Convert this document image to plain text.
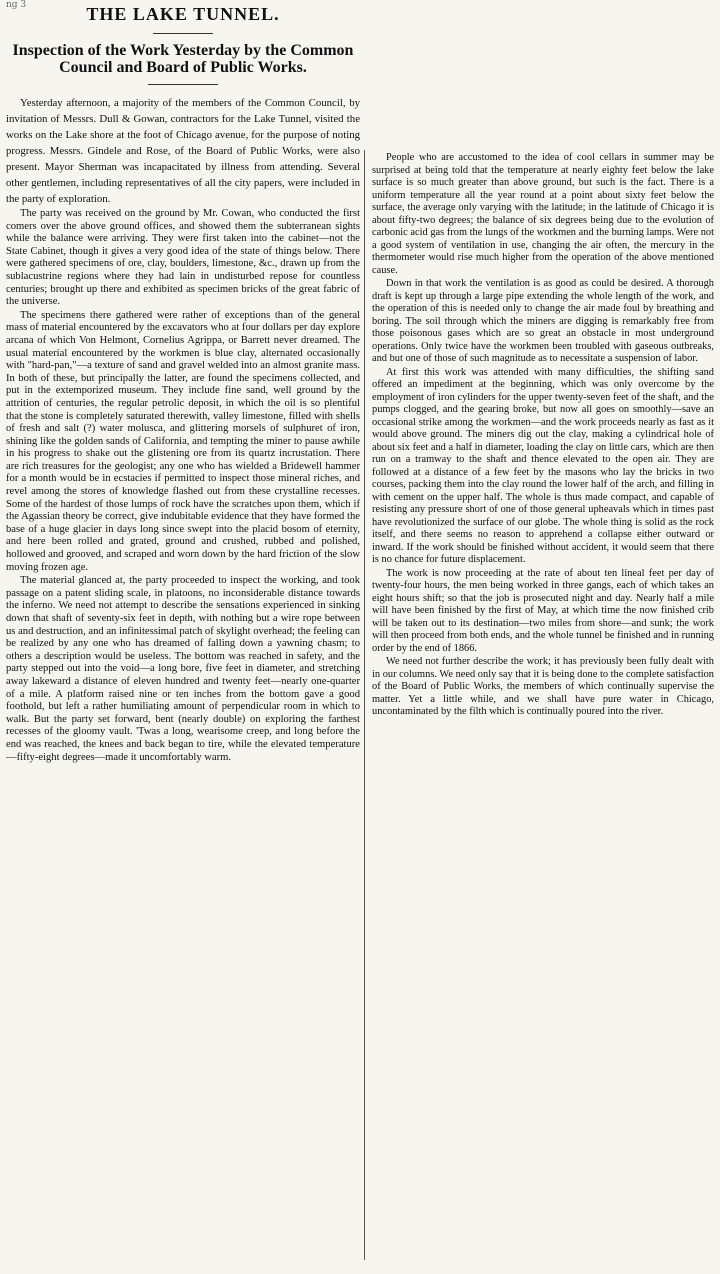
ng 3	THE LAKE TUNNEL.
Inspection of the Work Yesterday by the Common Council and Board of Public Works.

Yesterday afternoon, a majority of the members of the Common Council, by invitation of Messrs. Dull & Gowan, contractors for the Lake Tunnel, visited the works on the Lake shore at the foot of Chicago avenue, for the purpose of noting progress. Messrs. Gindele and Rose, of the Board of Public Works, were also present. Mayor Sherman was incapacitated by illness from attending. Several other gentlemen, including representatives of all the city papers, were included in the party of exploration.

The party was received on the ground by Mr. Cowan, who conducted the first comers over the above ground offices, and showed them the subterranean sights while the balance were arriving. They were first taken into the cabinet—not the State Cabinet, though it gives a very good idea of the state of things below. There were gathered specimens of ore, clay, boulders, limestone, &c., drawn up from the sublacustrine regions where they had lain in undisturbed repose for countless centuries; brought up there and exhibited as specimen bricks of the great fabric of the universe.

The specimens there gathered were rather of exceptions than of the general mass of material encountered by the excavators who at four dollars per day explore arcana of which Von Helmont, Cornelius Agrippa, or Barrett never dreamed. The usual material encountered by the workmen is blue clay, alternated occasionally with "hard-pan,"—a texture of sand and gravel welded into an almost granite mass. In both of these, but principally the latter, are found the specimens collected, and put in the extemporized museum. They include fine sand, well ground by the attrition of centuries, the regular petrolic deposit, in which the oil is so plentiful that the stone is completely saturated therewith, valley limestone, filled with shells of fresh and salt (?) water molusca, and glittering morsels of sulphuret of iron, shining like the golden sands of California, and tempting the miner to pause awhile in his progress to shake out the glistening ore from its quartz incrustation. There are rich treasures for the geologist; any one who has wielded a Bridewell hammer for a month would be in ecstacies if permitted to inspect those mineral riches, and revel among the stores of knowledge flashed out from these crystalline recesses. Some of the hardest of those lumps of rock have the scratches upon them, which if the Agassian theory be correct, give indubitable evidence that they have formed the base of a huge glacier in days long since swept into the placid bosom of eternity, and here been rolled and grated, ground and crushed, rubbed and polished, hollowed and grooved, and scraped and worn down by the hard friction of the slow moving frozen age.

The material glanced at, the party proceeded to inspect the working, and took passage on a patent sliding scale, in platoons, no inconsiderable distance towards the inferno. We need not attempt to describe the sensations experienced in sinking down that shaft of seventy-six feet in depth, with nothing but a wire rope between us and destruction, and an infinitessimal patch of skylight overhead; the feeling can be realized by any one who has dreamed of falling down a yawning chasm; to others a description would be useless. The bottom was reached in safety, and the party stepped out into the void—a long bore, five feet in diameter, and stretching away lakeward a distance of eleven hundred and twenty feet—nearly one-quarter of a mile. A platform raised nine or ten inches from the bottom gave a good foothold, but left a rather humiliating amount of perpendicular room in which to walk. But the party set forward, bent (nearly double) on exploring the farthest recesses of the gloomy vault. 'Twas a long, wearisome creep, and long before the end was reached, the knees and back began to tire, while the elevated temperature—fifty-eight degrees—made it uncomfortably warm.

People who are accustomed to the idea of cool cellars in summer may be surprised at being told that the temperature at nearly eighty feet below the lake surface is so much greater than above ground, but such is the fact. There is a uniform temperature all the year round at a point about sixty feet below the surface, the average only varying with the latitude; in the latitude of Chicago it is about fifty-two degrees; the balance of six degrees being due to the evolution of carbonic acid gas from the lungs of the workmen and the burning lamps. Were not a good system of ventilation in use, changing the air often, the mercury in the thermometer would rise much higher from the operation of the above mentioned cause.

Down in that work the ventilation is as good as could be desired. A thorough draft is kept up through a large pipe extending the whole length of the work, and the operation of this is needed only to change the air made foul by breathing and boring. The soil through which the miners are digging is remarkably free from those poisonous gases which are so great an obstacle in most underground operations. Only twice have the workmen been troubled with gaseous outbreaks, and but one of those of such magnitude as to necessitate a suspension of labor.

At first this work was attended with many difficulties, the shifting sand offered an impediment at the beginning, which was only overcome by the employment of iron cylinders for the upper twenty-seven feet of the shaft, and the pumps clogged, and the gearing broke, but now all goes on smoothly—save an occasional strike among the workmen—and the work proceeds nearly as fast as it would above ground. The miners dig out the clay, making a cylindrical hole of about six feet and a half in diameter, loading the clay on little cars, which are then run on a tramway to the shaft and thence elevated to the open air. They are followed at a distance of a few feet by the masons who lay the bricks in two courses, packing them into the clay round the lower half of the arch, and filling in with cement on the upper half. The whole is thus made compact, and capable of resisting any pressure short of one of those general upheavals which in times past have revolutionized the surface of our globe. The whole thing is solid as the rock itself, and there seems no reason to apprehend a collapse either outward or inward. If the work should be finished without accident, it would seem that there is no chance for future displacement.

The work is now proceeding at the rate of about ten lineal feet per day of twenty-four hours, the men being worked in three gangs, each of which takes an eight hours shift; so that the job is prosecuted night and day. Nearly half a mile will have been finished by the first of May, at which time the now finished crib will be taken out to its destination—two miles from shore—and sunk; the work will then proceed from both ends, and the whole tunnel be finished and in running order by the end of 1866.

We need not further describe the work; it has previously been fully dealt with in our columns. We need only say that it is being done to the complete satisfaction of the Board of Public Works, the members of which continually supervise the matter. Yet a little while, and we shall have pure water in Chicago, uncontaminated by the filth which is continually poured into the river.
